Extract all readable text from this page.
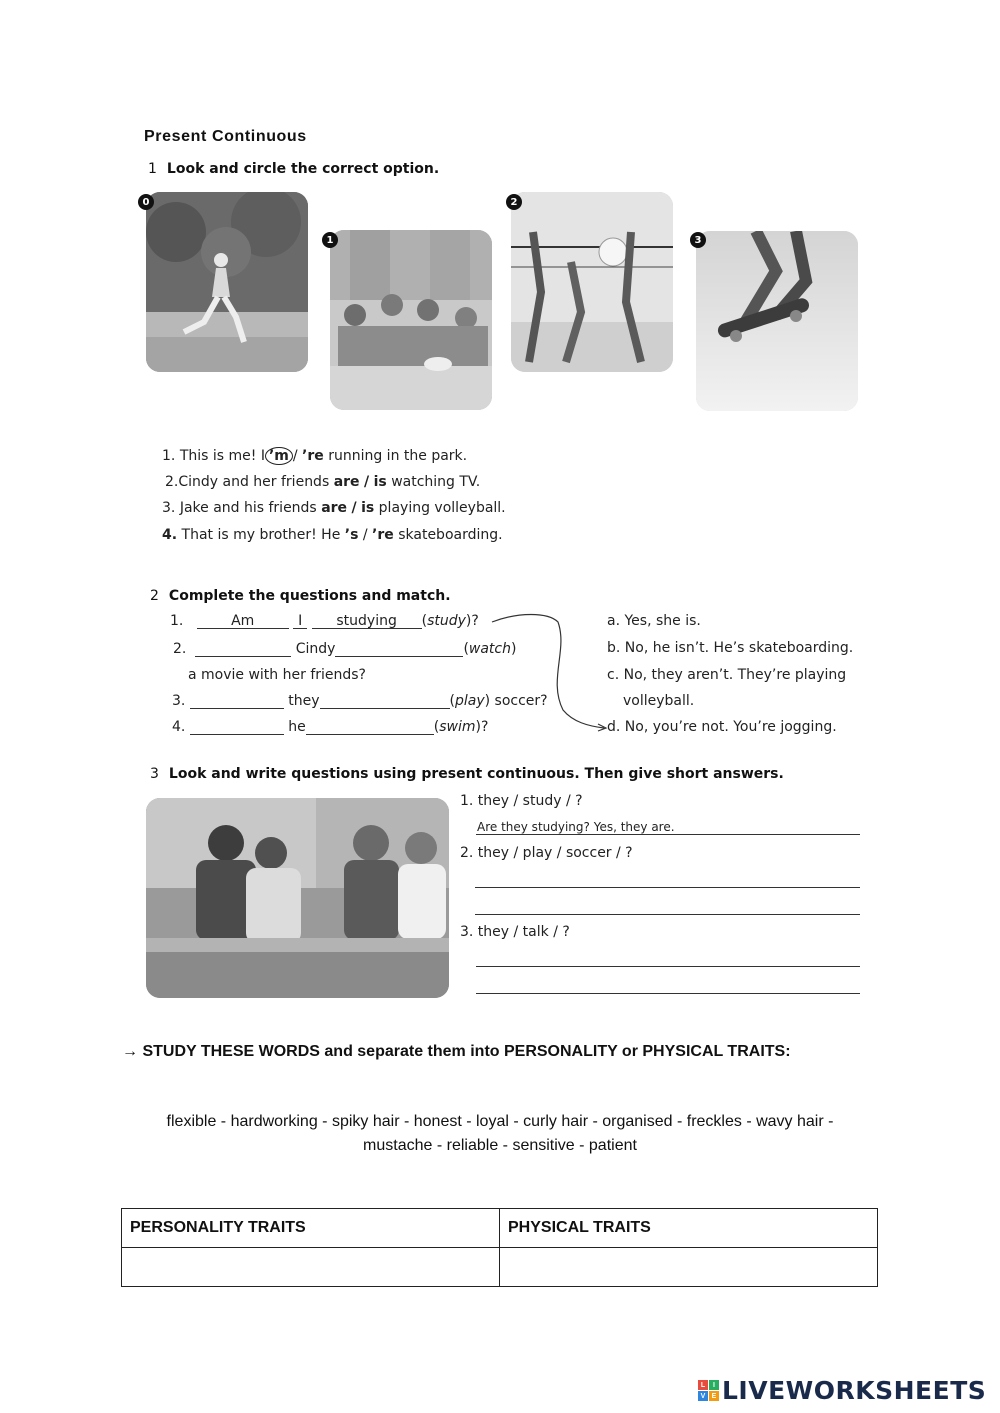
Present Continuous
1 Look and circle the correct option.
0
1
2
3
1. This is me! I ’m / ’re running in the park.
2.Cindy and her friends are / is watching TV.
3. Jake and his friends are / is playing volleyball.
4. That is my brother! He ’s / ’re skateboarding.
2 Complete the questions and match.
1.	Am	I studying (study)?
2.	Cindy	(watch)
a movie with her friends?
3.	they	(play) soccer?
4.	he	(swim)?
a. Yes, she is.
b. No, he isn’t. He’s skateboarding.
c. No, they aren’t. They’re playing
volleyball.
d. No, you’re not. You’re jogging.
3 Look and write questions using present continuous. Then give short answers.
1. they / study / ?
Are they studying? Yes, they are.
2. they / play / soccer / ?
3. they / talk / ?
→ STUDY THESE WORDS and separate them into PERSONALITY or PHYSICAL TRAITS:
flexible - hardworking - spiky hair - honest - loyal - curly hair - organised - freckles - wavy hair - mustache - reliable - sensitive - patient
PERSONALITY TRAITS	PHYSICAL TRAITS

L	I
V E LIVEWORKSHEETS
